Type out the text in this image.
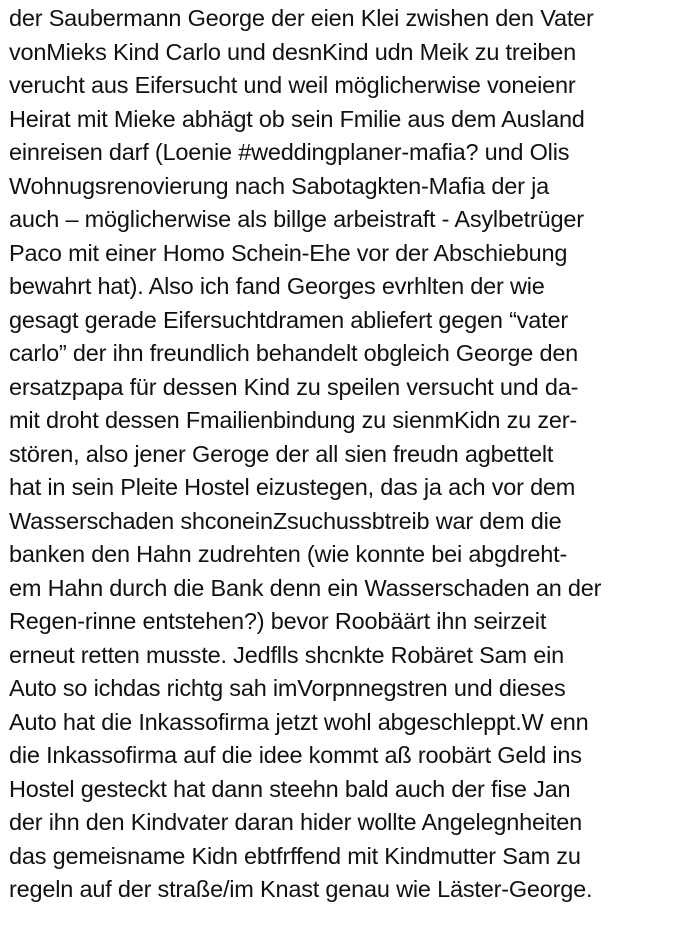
der Saubermann George der eien Klei zwishen den Vater
vonMieks Kind Carlo und desnKind udn Meik zu treiben
verucht aus Eifersucht und weil möglicherwise voneienr
Heirat mit Mieke abhägt ob sein Fmilie aus dem Ausland
einreisen darf (Loenie #weddingplaner-mafia? und Olis
Wohnugsrenovierung nach Sabotagkten-Mafia der ja
auch – möglicherwise als billge arbeistraft - Asylbetrüger
Paco mit einer Homo Schein-Ehe vor der Abschiebung
bewahrt hat). Also ich fand Georges evrhlten der wie
gesagt gerade Eifersuchtdramen abliefert gegen “vater
carlo” der ihn freundlich behandelt obgleich George den
ersatzpapa für dessen Kind zu speilen versucht und da-
mit droht dessen Fmailienbindung zu sienmKidn zu zer-
stören, also jener Geroge der all sien freudn agbettelt
hat in sein Pleite Hostel eizustegen, das ja ach vor dem
Wasserschaden shconeinZsuchussbtreib war dem die
banken den Hahn zudrehten (wie konnte bei abgdreht-
em Hahn durch die Bank denn ein Wasserschaden an der
Regen-rinne entstehen?) bevor Roobäärt ihn seirzeit
erneut retten musste. Jedflls shcnkte Robäret Sam ein
Auto so ichdas richtg sah imVorpnnegstren und dieses
Auto hat die Inkassofirma jetzt wohl abgeschleppt.W enn
die Inkassofirma auf die idee kommt aß roobärt Geld ins
Hostel gesteckt hat dann steehn bald auch der fise Jan
der ihn den Kindvater daran hider wollte Angelegnheiten
das gemeisname Kidn ebtfrffend mit Kindmutter Sam zu
regeln auf der straße/im Knast genau wie Läster-George.
